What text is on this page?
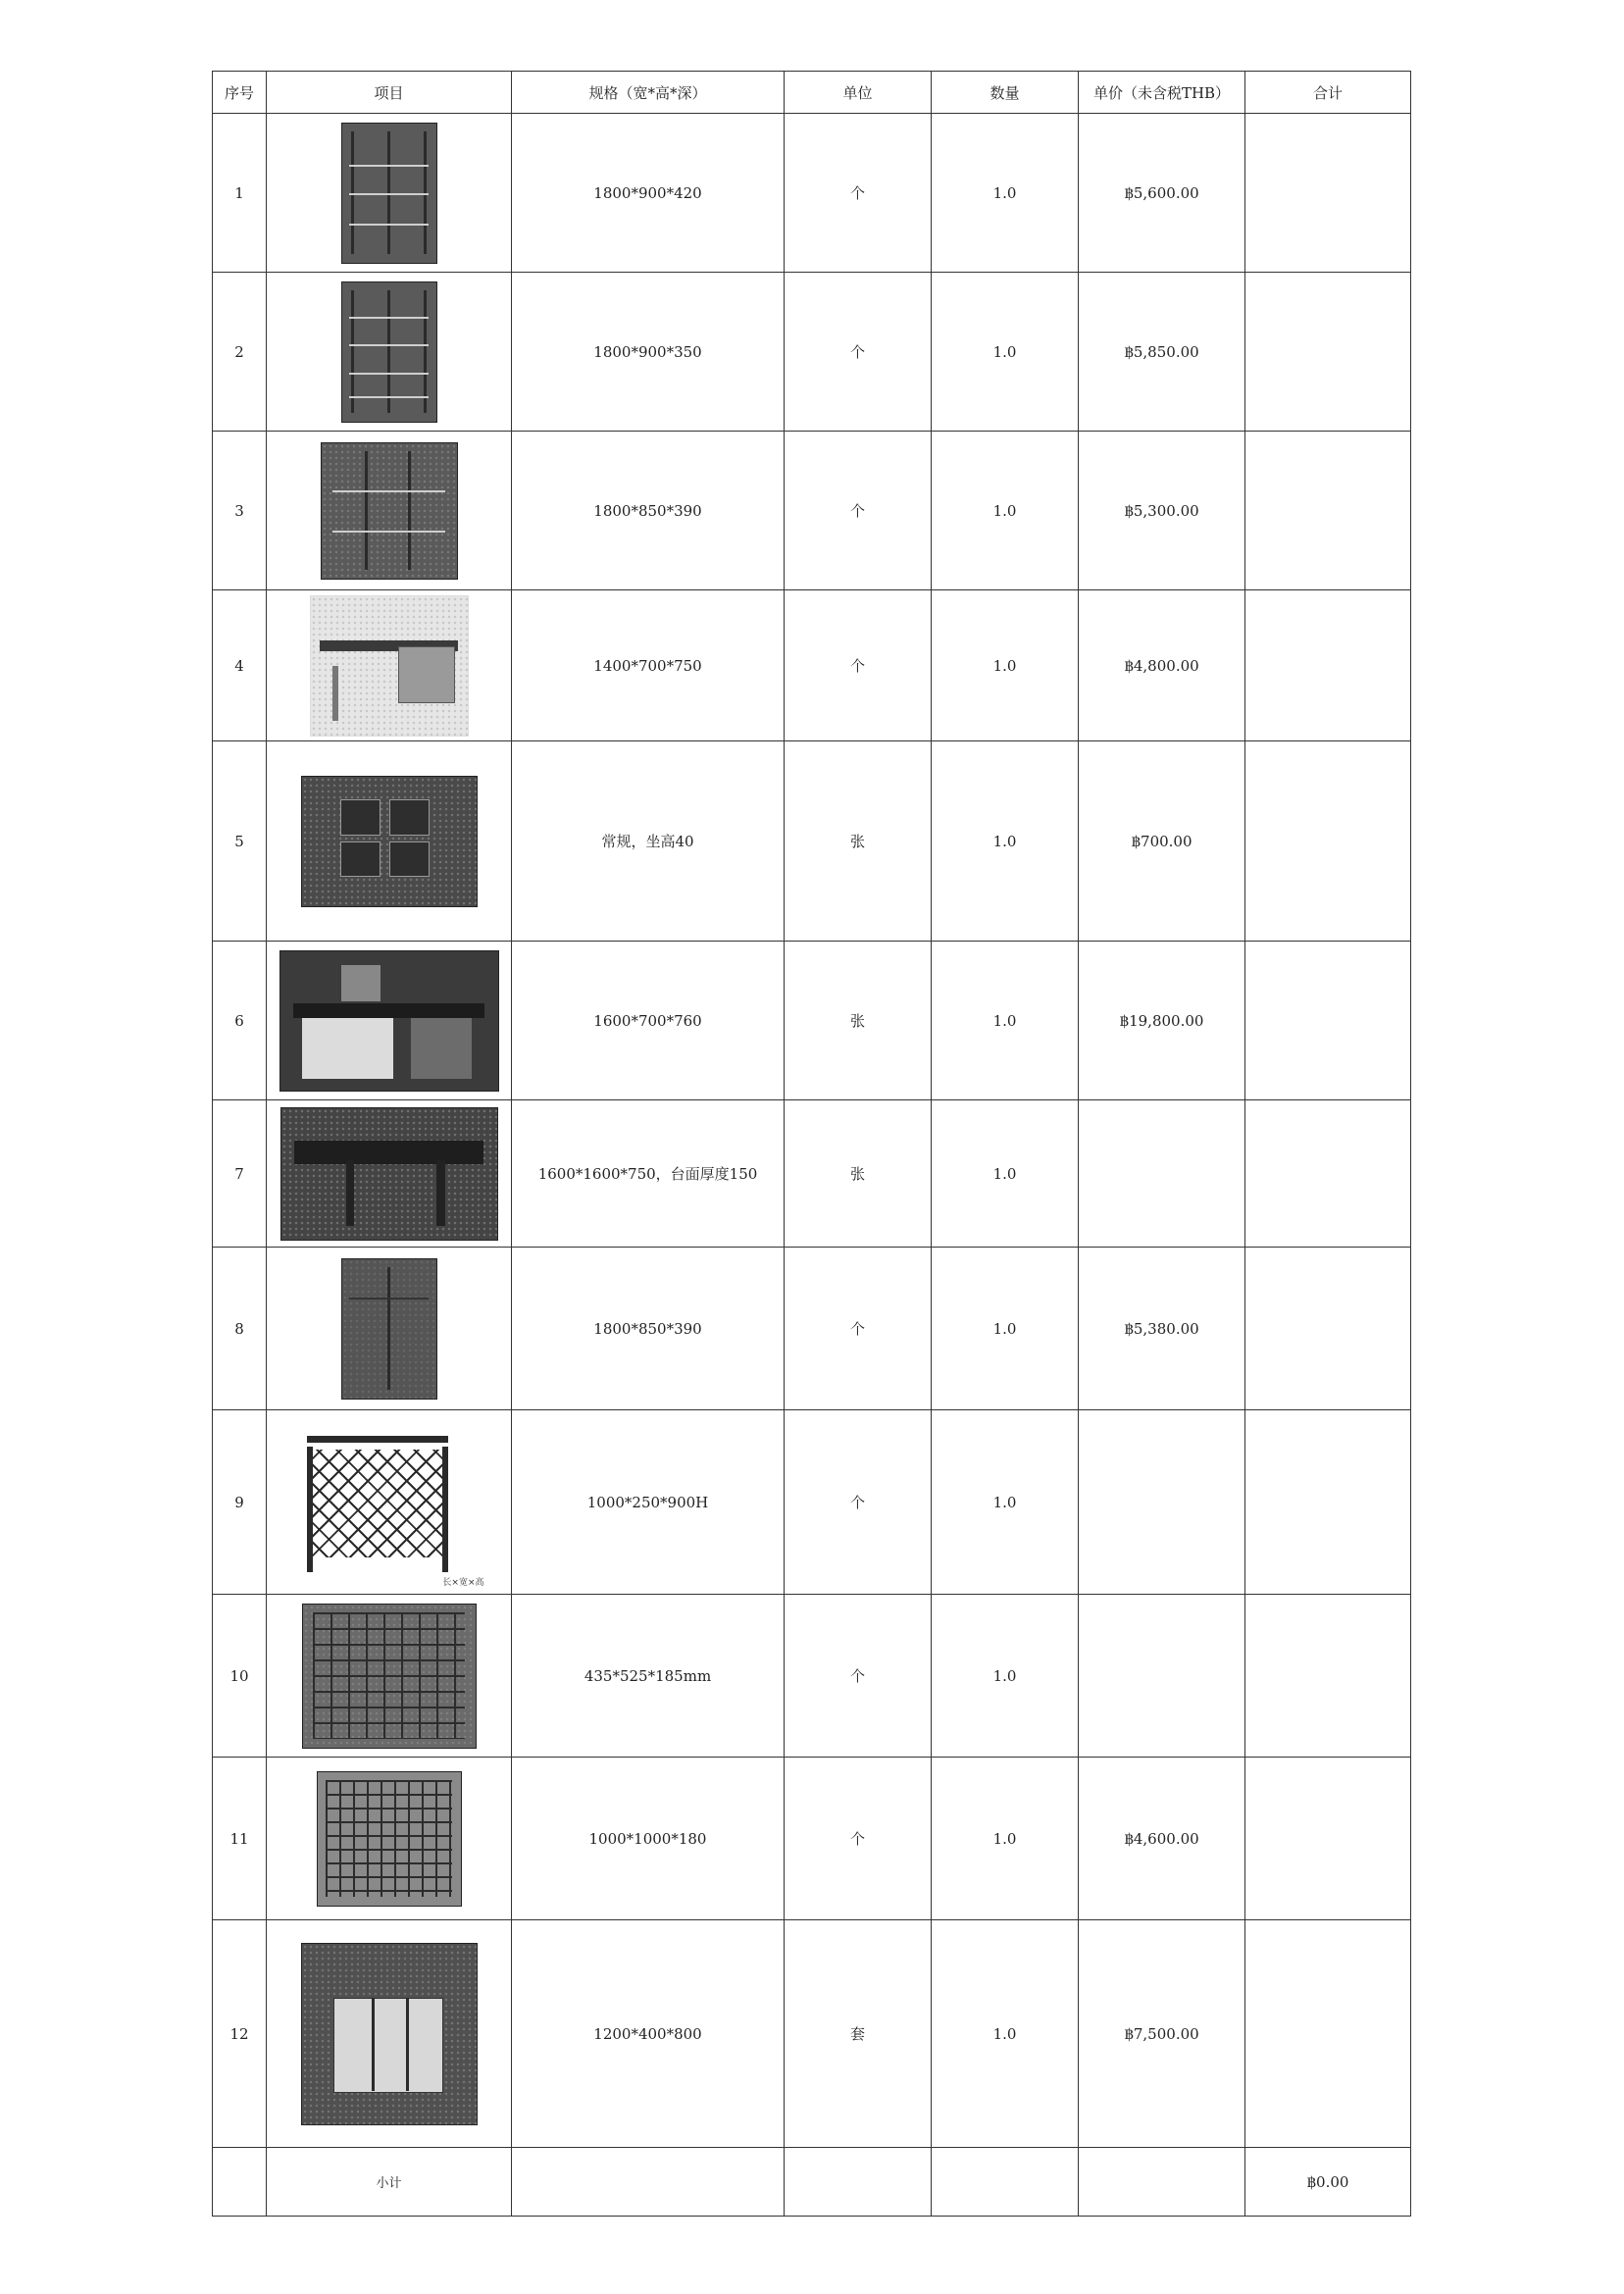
序号	项目	规格（宽*高*深）	单位	数量	单价（未含税THB）	合计
1		1800*900*420	个	1.0	฿5,600.00	
2		1800*900*350	个	1.0	฿5,850.00	
3		1800*850*390	个	1.0	฿5,300.00	
4		1400*700*750	个	1.0	฿4,800.00	
5		常规，坐高40	张	1.0	฿700.00	
6		1600*700*760	张	1.0	฿19,800.00	
7		1600*1600*750，台面厚度150	张	1.0		
8		1800*850*390	个	1.0	฿5,380.00	
9	长×宽×高	1000*250*900H	个	1.0		
10		435*525*185mm	个	1.0		
11		1000*1000*180	个	1.0	฿4,600.00	
12		1200*400*800	套	1.0	฿7,500.00	
	小计					฿0.00
